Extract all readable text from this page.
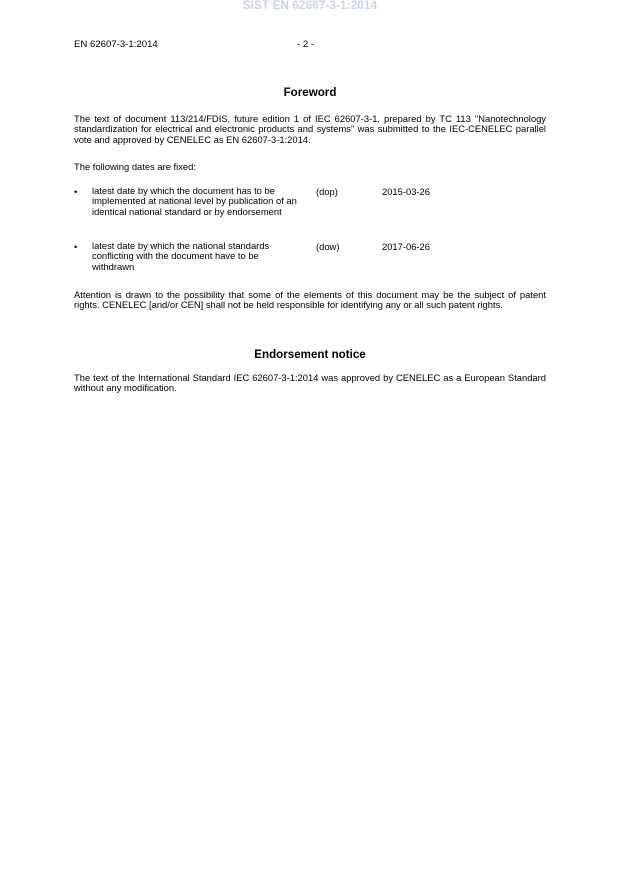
SIST EN 62607-3-1:2014
EN 62607-3-1:2014	- 2 -
Foreword
The text of document 113/214/FDIS, future edition 1 of IEC 62607-3-1, prepared by TC 113 "Nanotechnology standardization for electrical and electronic products and systems" was submitted to the IEC-CENELEC parallel vote and approved by CENELEC as EN 62607-3-1:2014.
The following dates are fixed:
• latest date by which the document has to be implemented at national level by publication of an identical national standard or by endorsement
(dop)	2015-03-26
• latest date by which the national standards conflicting with the document have to be withdrawn
(dow)	2017-06-26
Attention is drawn to the possibility that some of the elements of this document may be the subject of patent rights. CENELEC [and/or CEN] shall not be held responsible for identifying any or all such patent rights.
Endorsement notice
The text of the International Standard IEC 62607-3-1:2014 was approved by CENELEC as a European Standard without any modification.
